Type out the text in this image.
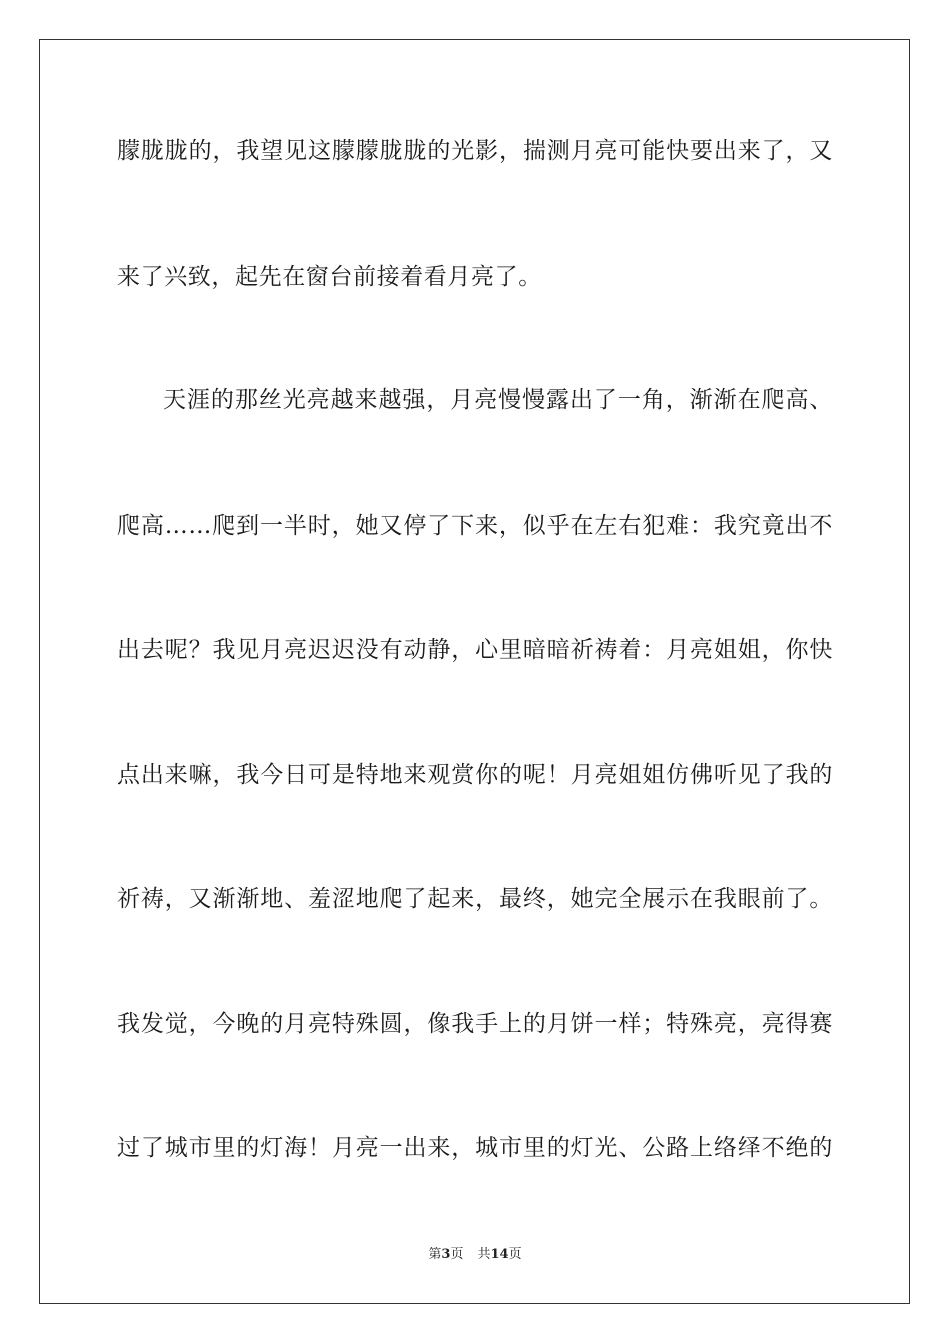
朦胧胧的，我望见这朦朦胧胧的光影，揣测月亮可能快要出来了，又
来了兴致，起先在窗台前接着看月亮了。
天涯的那丝光亮越来越强，月亮慢慢露出了一角，渐渐在爬高、
爬高……爬到一半时，她又停了下来，似乎在左右犯难：我究竟出不
出去呢？我见月亮迟迟没有动静，心里暗暗祈祷着：月亮姐姐，你快
点出来嘛，我今日可是特地来观赏你的呢！月亮姐姐仿佛听见了我的
祈祷，又渐渐地、羞涩地爬了起来，最终，她完全展示在我眼前了。
我发觉，今晚的月亮特殊圆，像我手上的月饼一样；特殊亮，亮得赛
过了城市里的灯海！月亮一出来，城市里的灯光、公路上络绎不绝的
第3页 共14页
